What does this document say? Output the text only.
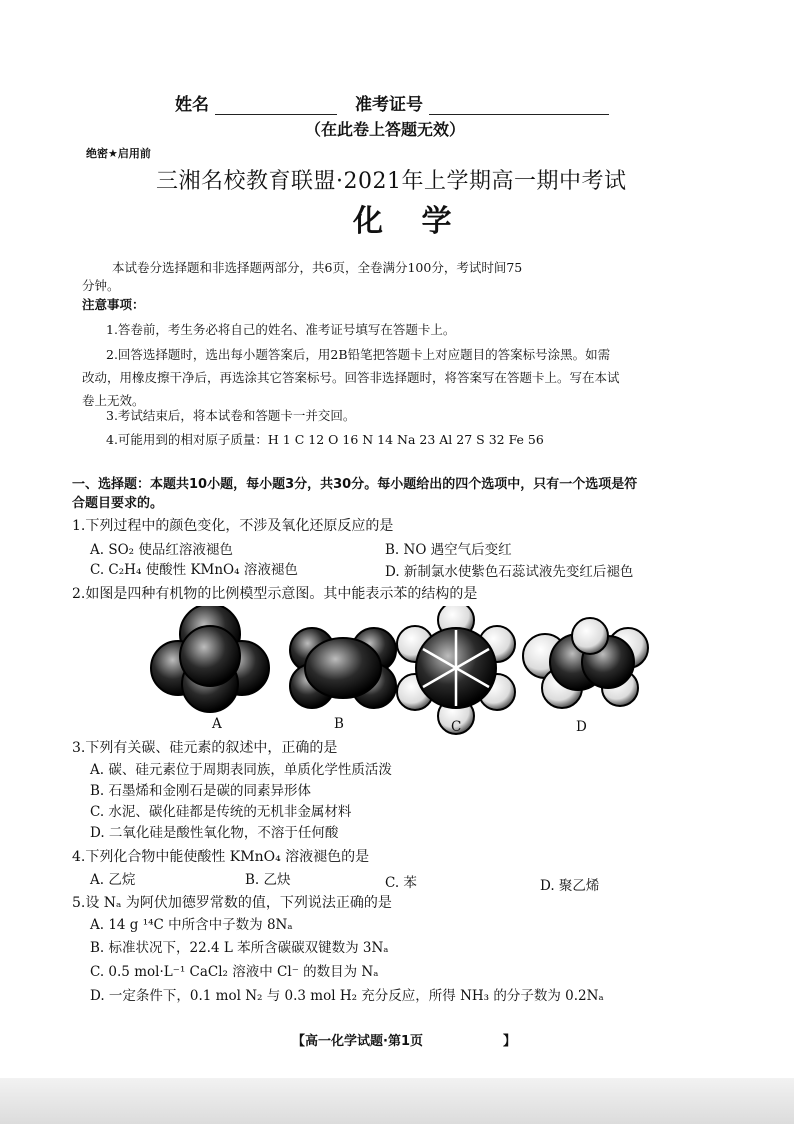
姓名	准考证号
（在此卷上答题无效）
绝密★启用前
三湘名校教育联盟·2021年上学期高一期中考试
化 学
本试卷分选择题和非选择题两部分，共6页，全卷满分100分，考试时间75
分钟。
注意事项：
1.答卷前，考生务必将自己的姓名、准考证号填写在答题卡上。
2.回答选择题时，选出每小题答案后，用2B铅笔把答题卡上对应题目的答案标号涂黑。如需
改动，用橡皮擦干净后，再选涂其它答案标号。回答非选择题时，将答案写在答题卡上。写在本试
卷上无效。
3.考试结束后，将本试卷和答题卡一并交回。
4.可能用到的相对原子质量：H 1 C 12 O 16 N 14 Na 23 Al 27 S 32 Fe 56
一、选择题：本题共10小题，每小题3分，共30分。每小题给出的四个选项中，只有一个选项是符
合题目要求的。
1.下列过程中的颜色变化，不涉及氧化还原反应的是
A. SO₂ 使品红溶液褪色	B. NO 遇空气后变红
C. C₂H₄ 使酸性 KMnO₄ 溶液褪色	D. 新制氯水使紫色石蕊试液先变红后褪色
2.如图是四种有机物的比例模型示意图。其中能表示苯的结构的是
A	B	C	D
3.下列有关碳、硅元素的叙述中，正确的是
A. 碳、硅元素位于周期表同族，单质化学性质活泼
B. 石墨烯和金刚石是碳的同素异形体
C. 水泥、碳化硅都是传统的无机非金属材料
D. 二氧化硅是酸性氧化物，不溶于任何酸
4.下列化合物中能使酸性 KMnO₄ 溶液褪色的是
A. 乙烷	B. 乙炔	C. 苯	D. 聚乙烯
5.设 Nₐ 为阿伏加德罗常数的值，下列说法正确的是
A. 14 g ¹⁴C 中所含中子数为 8Nₐ
B. 标准状况下，22.4 L 苯所含碳碳双键数为 3Nₐ
C. 0.5 mol·L⁻¹ CaCl₂ 溶液中 Cl⁻ 的数目为 Nₐ
D. 一定条件下，0.1 mol N₂ 与 0.3 mol H₂ 充分反应，所得 NH₃ 的分子数为 0.2Nₐ
【高一化学试题·第1页	】
